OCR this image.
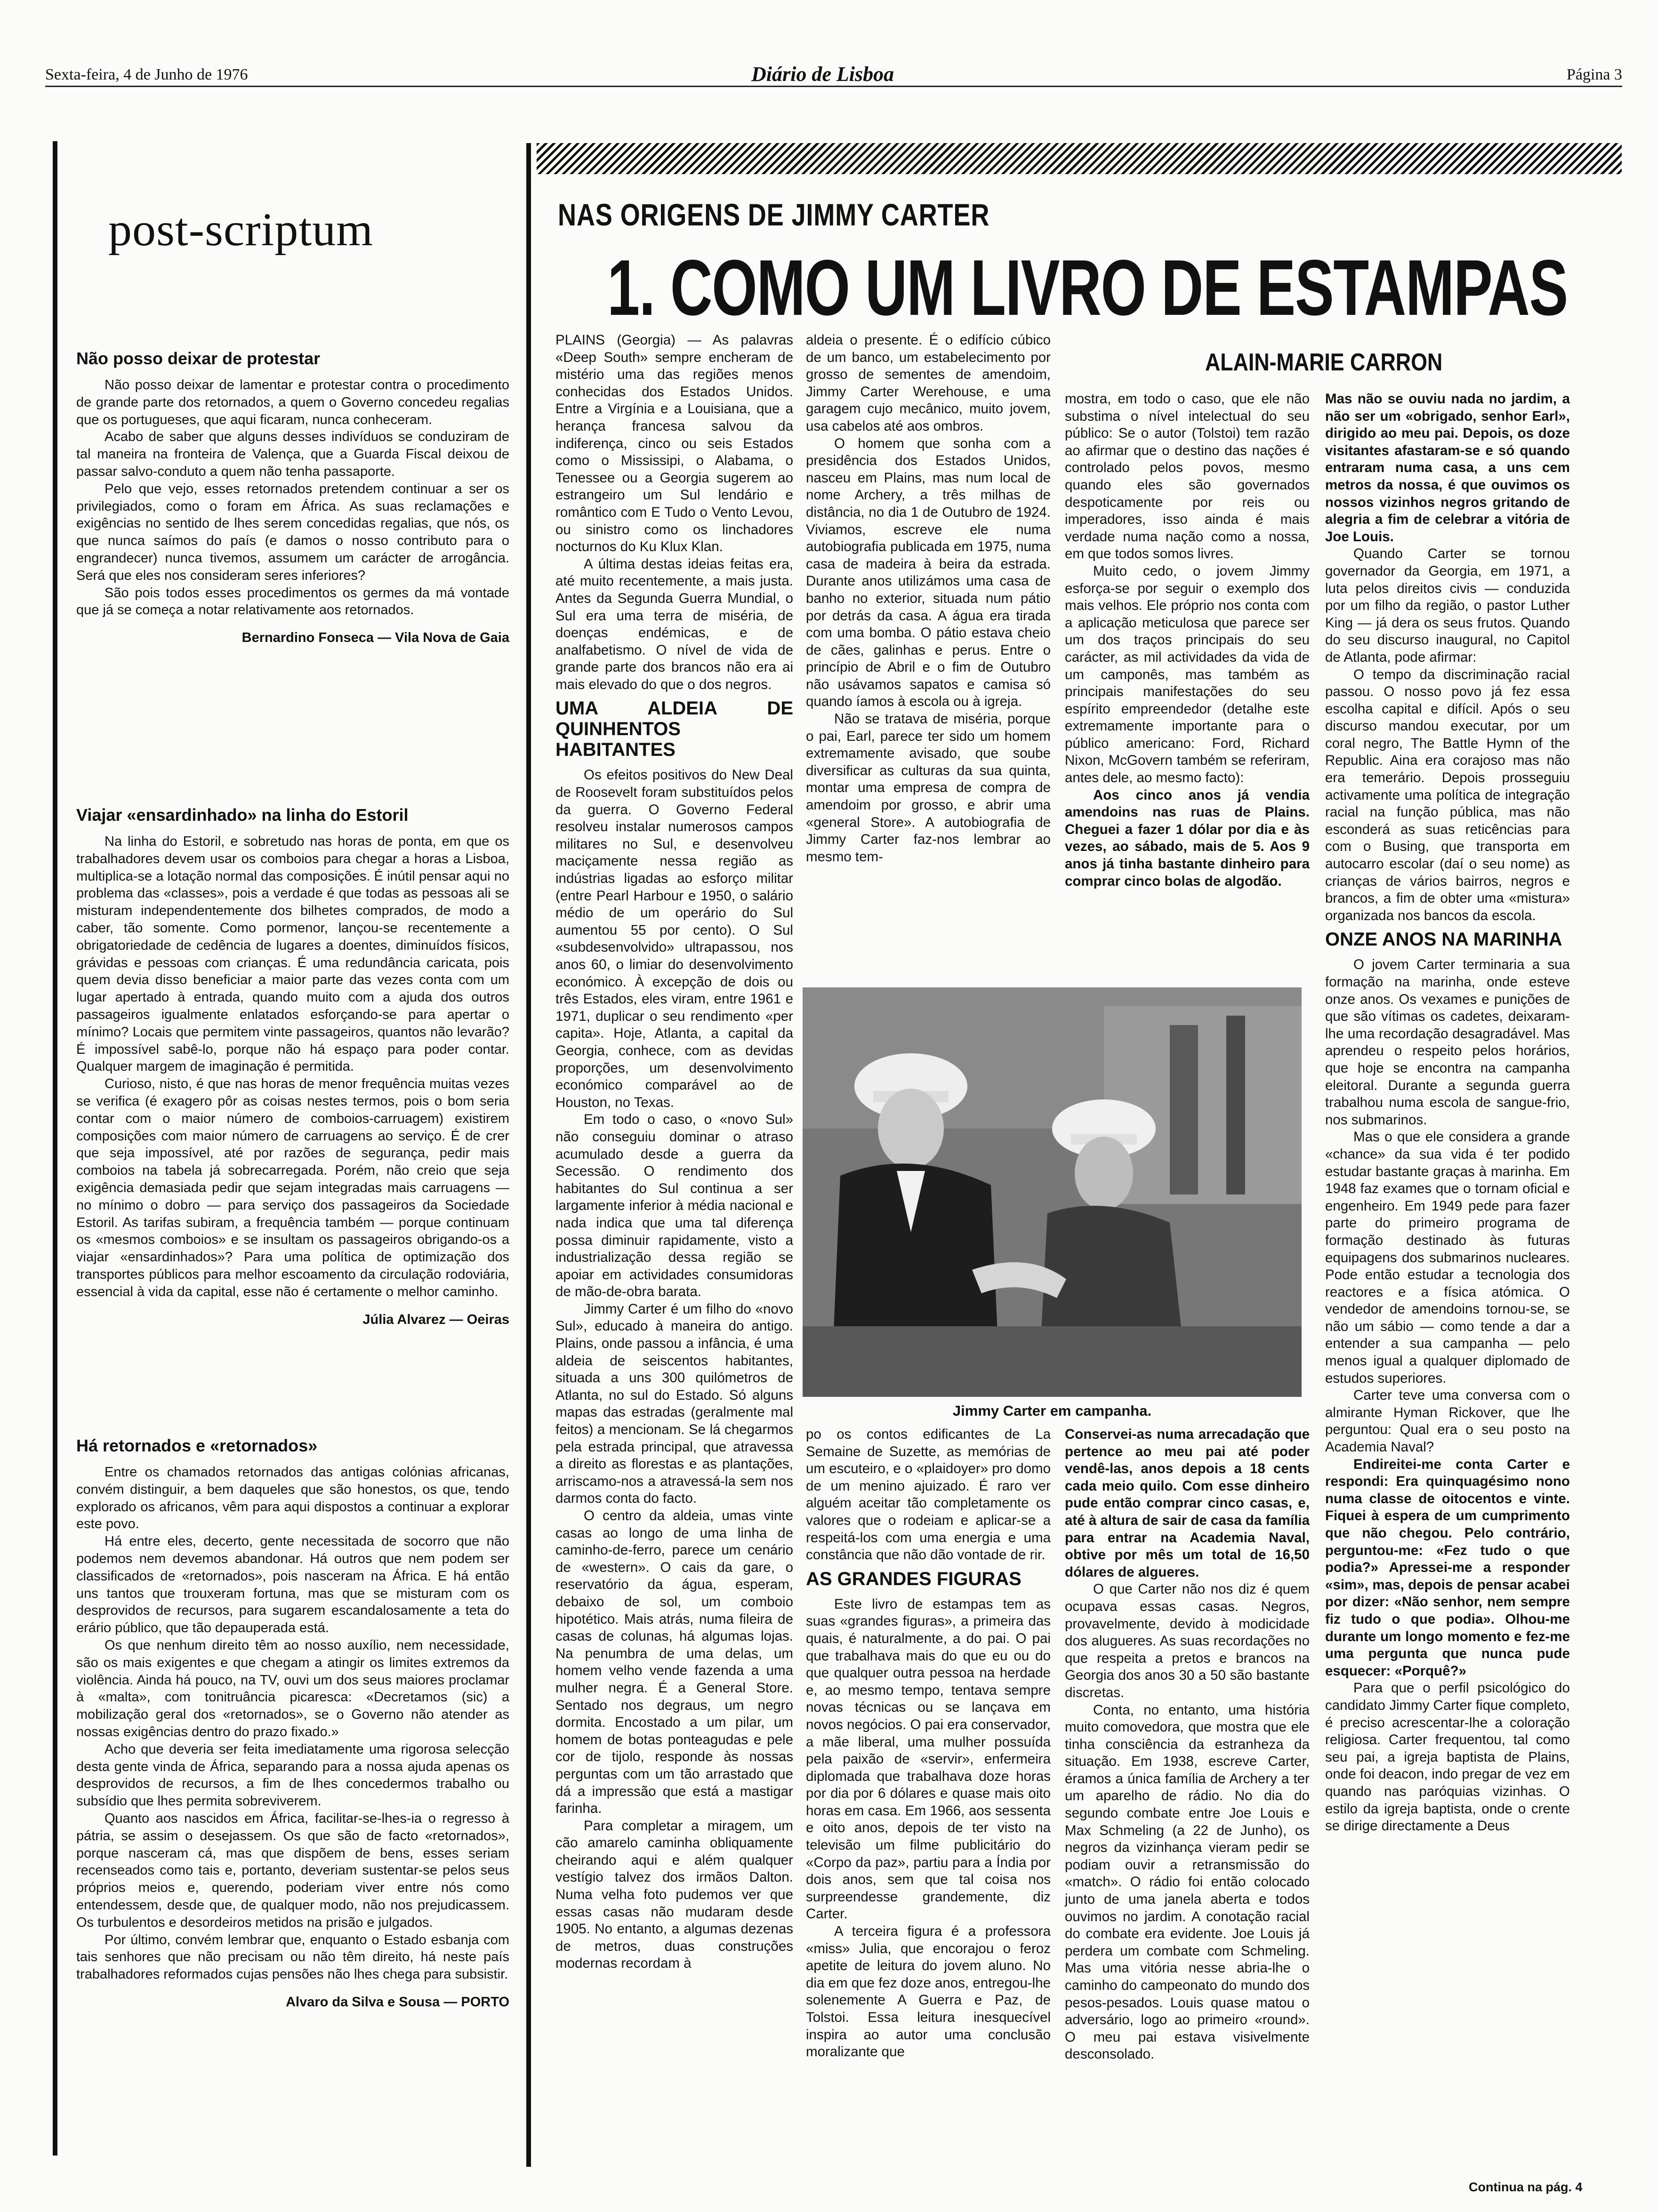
Sexta-feira, 4 de Junho de 1976	Diário de Lisboa	Página 3
post-scriptum
Não posso deixar de protestar

Não posso deixar de lamentar e protestar contra o procedimento de grande parte dos retornados, a quem o Governo concedeu regalias que os portugueses, que aqui ficaram, nunca conheceram.

Acabo de saber que alguns desses indivíduos se conduziram de tal maneira na fronteira de Valença, que a Guarda Fiscal deixou de passar salvo-conduto a quem não tenha passaporte.

Pelo que vejo, esses retornados pretendem continuar a ser os privilegiados, como o foram em África. As suas reclamações e exigências no sentido de lhes serem concedidas regalias, que nós, os que nunca saímos do país (e damos o nosso contributo para o engrandecer) nunca tivemos, assumem um carácter de arrogância. Será que eles nos consideram seres inferiores?

São pois todos esses procedimentos os germes da má vontade que já se começa a notar relativamente aos retornados.

Bernardino Fonseca — Vila Nova de Gaia

Viajar «ensardinhado» na linha do Estoril

Na linha do Estoril, e sobretudo nas horas de ponta, em que os trabalhadores devem usar os comboios para chegar a horas a Lisboa, multiplica-se a lotação normal das composições. É inútil pensar aqui no problema das «classes», pois a verdade é que todas as pessoas ali se misturam independentemente dos bilhetes comprados, de modo a caber, tão somente. Como pormenor, lançou-se recentemente a obrigatoriedade de cedência de lugares a doentes, diminuídos físicos, grávidas e pessoas com crianças. É uma redundância caricata, pois quem devia disso beneficiar a maior parte das vezes conta com um lugar apertado à entrada, quando muito com a ajuda dos outros passageiros igualmente enlatados esforçando-se para apertar o mínimo? Locais que permitem vinte passageiros, quantos não levarão? É impossível sabê-lo, porque não há espaço para poder contar. Qualquer margem de imaginação é permitida.

Curioso, nisto, é que nas horas de menor frequência muitas vezes se verifica (é exagero pôr as coisas nestes termos, pois o bom seria contar com o maior número de comboios-carruagem) existirem composições com maior número de carruagens ao serviço. É de crer que seja impossível, até por razões de segurança, pedir mais comboios na tabela já sobrecarregada. Porém, não creio que seja exigência demasiada pedir que sejam integradas mais carruagens — no mínimo o dobro — para serviço dos passageiros da Sociedade Estoril. As tarifas subiram, a frequência também — porque continuam os «mesmos comboios» e se insultam os passageiros obrigando-os a viajar «ensardinhados»? Para uma política de optimização dos transportes públicos para melhor escoamento da circulação rodoviária, essencial à vida da capital, esse não é certamente o melhor caminho.

Júlia Alvarez — Oeiras

Há retornados e «retornados»

Entre os chamados retornados das antigas colónias africanas, convém distinguir, a bem daqueles que são honestos, os que, tendo explorado os africanos, vêm para aqui dispostos a continuar a explorar este povo.

Há entre eles, decerto, gente necessitada de socorro que não podemos nem devemos abandonar. Há outros que nem podem ser classificados de «retornados», pois nasceram na África. E há então uns tantos que trouxeram fortuna, mas que se misturam com os desprovidos de recursos, para sugarem escandalosamente a teta do erário público, que tão depauperada está.

Os que nenhum direito têm ao nosso auxílio, nem necessidade, são os mais exigentes e que chegam a atingir os limites extremos da violência. Ainda há pouco, na TV, ouvi um dos seus maiores proclamar à «malta», com tonitruância picaresca: «Decretamos (sic) a mobilização geral dos «retornados», se o Governo não atender as nossas exigências dentro do prazo fixado.»

Acho que deveria ser feita imediatamente uma rigorosa selecção desta gente vinda de África, separando para a nossa ajuda apenas os desprovidos de recursos, a fim de lhes concedermos trabalho ou subsídio que lhes permita sobreviverem.

Quanto aos nascidos em África, facilitar-se-lhes-ia o regresso à pátria, se assim o desejassem. Os que são de facto «retornados», porque nasceram cá, mas que dispõem de bens, esses seriam recenseados como tais e, portanto, deveriam sustentar-se pelos seus próprios meios e, querendo, poderiam viver entre nós como entendessem, desde que, de qualquer modo, não nos prejudicassem. Os turbulentos e desordeiros metidos na prisão e julgados.

Por último, convém lembrar que, enquanto o Estado esbanja com tais senhores que não precisam ou não têm direito, há neste país trabalhadores reformados cujas pensões não lhes chega para subsistir.

Alvaro da Silva e Sousa — PORTO

NAS ORIGENS DE JIMMY CARTER
1. COMO UM LIVRO DE ESTAMPAS
ALAIN-MARIE CARRON

PLAINS (Georgia) — As palavras «Deep South» sempre encheram de mistério uma das regiões menos conhecidas dos Estados Unidos. Entre a Virgínia e a Louisiana, que a herança francesa salvou da indiferença, cinco ou seis Estados como o Mississipi, o Alabama, o Tenessee ou a Georgia sugerem ao estrangeiro um Sul lendário e romântico com E Tudo o Vento Levou, ou sinistro como os linchadores nocturnos do Ku Klux Klan.

A última destas ideias feitas era, até muito recentemente, a mais justa. Antes da Segunda Guerra Mundial, o Sul era uma terra de miséria, de doenças endémicas, e de analfabetismo. O nível de vida de grande parte dos brancos não era ai mais elevado do que o dos negros.

UMA ALDEIA DE QUINHENTOS HABITANTES

Os efeitos positivos do New Deal de Roosevelt foram substituídos pelos da guerra. O Governo Federal resolveu instalar numerosos campos militares no Sul, e desenvolveu maciçamente nessa região as indústrias ligadas ao esforço militar (entre Pearl Harbour e 1950, o salário médio de um operário do Sul aumentou 55 por cento). O Sul «subdesenvolvido» ultrapassou, nos anos 60, o limiar do desenvolvimento económico. À excepção de dois ou três Estados, eles viram, entre 1961 e 1971, duplicar o seu rendimento «per capita». Hoje, Atlanta, a capital da Georgia, conhece, com as devidas proporções, um desenvolvimento económico comparável ao de Houston, no Texas.

Em todo o caso, o «novo Sul» não conseguiu dominar o atraso acumulado desde a guerra da Secessão. O rendimento dos habitantes do Sul continua a ser largamente inferior à média nacional e nada indica que uma tal diferença possa diminuir rapidamente, visto a industrialização dessa região se apoiar em actividades consumidoras de mão-de-obra barata.

Jimmy Carter é um filho do «novo Sul», educado à maneira do antigo. Plains, onde passou a infância, é uma aldeia de seiscentos habitantes, situada a uns 300 quilómetros de Atlanta, no sul do Estado. Só alguns mapas das estradas (geralmente mal feitos) a mencionam. Se lá chegarmos pela estrada principal, que atravessa a direito as florestas e as plantações, arriscamo-nos a atravessá-la sem nos darmos conta do facto.

O centro da aldeia, umas vinte casas ao longo de uma linha de caminho-de-ferro, parece um cenário de «western». O cais da gare, o reservatório da água, esperam, debaixo de sol, um comboio hipotético. Mais atrás, numa fileira de casas de colunas, há algumas lojas. Na penumbra de uma delas, um homem velho vende fazenda a uma mulher negra. É a General Store. Sentado nos degraus, um negro dormita. Encostado a um pilar, um homem de botas ponteagudas e pele cor de tijolo, responde às nossas perguntas com um tão arrastado que dá a impressão que está a mastigar farinha.

Para completar a miragem, um cão amarelo caminha obliquamente cheirando aqui e além qualquer vestígio talvez dos irmãos Dalton. Numa velha foto pudemos ver que essas casas não mudaram desde 1905. No entanto, a algumas dezenas de metros, duas construções modernas recordam à

aldeia o presente. É o edifício cúbico de um banco, um estabelecimento por grosso de sementes de amendoim, Jimmy Carter Werehouse, e uma garagem cujo mecânico, muito jovem, usa cabelos até aos ombros.

O homem que sonha com a presidência dos Estados Unidos, nasceu em Plains, mas num local de nome Archery, a três milhas de distância, no dia 1 de Outubro de 1924. Viviamos, escreve ele numa autobiografia publicada em 1975, numa casa de madeira à beira da estrada. Durante anos utilizámos uma casa de banho no exterior, situada num pátio por detrás da casa. A água era tirada com uma bomba. O pátio estava cheio de cães, galinhas e perus. Entre o princípio de Abril e o fim de Outubro não usávamos sapatos e camisa só quando íamos à escola ou à igreja.

Não se tratava de miséria, porque o pai, Earl, parece ter sido um homem extremamente avisado, que soube diversificar as culturas da sua quinta, montar uma empresa de compra de amendoim por grosso, e abrir uma «general Store». A autobiografia de Jimmy Carter faz-nos lembrar ao mesmo tem-

mostra, em todo o caso, que ele não substima o nível intelectual do seu público: Se o autor (Tolstoi) tem razão ao afirmar que o destino das nações é controlado pelos povos, mesmo quando eles são governados despoticamente por reis ou imperadores, isso ainda é mais verdade numa nação como a nossa, em que todos somos livres.

Muito cedo, o jovem Jimmy esforça-se por seguir o exemplo dos mais velhos. Ele próprio nos conta com a aplicação meticulosa que parece ser um dos traços principais do seu carácter, as mil actividades da vida de um camponês, mas também as principais manifestações do seu espírito empreendedor (detalhe este extremamente importante para o público americano: Ford, Richard Nixon, McGovern também se referiram, antes dele, ao mesmo facto):

Aos cinco anos já vendia amendoins nas ruas de Plains. Cheguei a fazer 1 dólar por dia e às vezes, ao sábado, mais de 5. Aos 9 anos já tinha bastante dinheiro para comprar cinco bolas de algodão.

Jimmy Carter em campanha.

po os contos edificantes de La Semaine de Suzette, as memórias de um escuteiro, e o «plaidoyer» pro domo de um menino ajuizado. É raro ver alguém aceitar tão completamente os valores que o rodeiam e aplicar-se a respeitá-los com uma energia e uma constância que não dão vontade de rir.

AS GRANDES FIGURAS

Este livro de estampas tem as suas «grandes figuras», a primeira das quais, é naturalmente, a do pai. O pai que trabalhava mais do que eu ou do que qualquer outra pessoa na herdade e, ao mesmo tempo, tentava sempre novas técnicas ou se lançava em novos negócios. O pai era conservador, a mãe liberal, uma mulher possuída pela paixão de «servir», enfermeira diplomada que trabalhava doze horas por dia por 6 dólares e quase mais oito horas em casa. Em 1966, aos sessenta e oito anos, depois de ter visto na televisão um filme publicitário do «Corpo da paz», partiu para a Índia por dois anos, sem que tal coisa nos surpreendesse grandemente, diz Carter.

A terceira figura é a professora «miss» Julia, que encorajou o feroz apetite de leitura do jovem aluno. No dia em que fez doze anos, entregou-lhe solenemente A Guerra e Paz, de Tolstoi. Essa leitura inesquecível inspira ao autor uma conclusão moralizante que

Conservei-as numa arrecadação que pertence ao meu pai até poder vendê-las, anos depois a 18 cents cada meio quilo. Com esse dinheiro pude então comprar cinco casas, e, até à altura de sair de casa da família para entrar na Academia Naval, obtive por mês um total de 16,50 dólares de algueres.

O que Carter não nos diz é quem ocupava essas casas. Negros, provavelmente, devido à modicidade dos alugueres. As suas recordações no que respeita a pretos e brancos na Georgia dos anos 30 a 50 são bastante discretas.

Conta, no entanto, uma história muito comovedora, que mostra que ele tinha consciência da estranheza da situação. Em 1938, escreve Carter, éramos a única família de Archery a ter um aparelho de rádio. No dia do segundo combate entre Joe Louis e Max Schmeling (a 22 de Junho), os negros da vizinhança vieram pedir se podiam ouvir a retransmissão do «match». O rádio foi então colocado junto de uma janela aberta e todos ouvimos no jardim. A conotação racial do combate era evidente. Joe Louis já perdera um combate com Schmeling. Mas uma vitória nesse abria-lhe o caminho do campeonato do mundo dos pesos-pesados. Louis quase matou o adversário, logo ao primeiro «round». O meu pai estava visivelmente desconsolado.

Mas não se ouviu nada no jardim, a não ser um «obrigado, senhor Earl», dirigido ao meu pai. Depois, os doze visitantes afastaram-se e só quando entraram numa casa, a uns cem metros da nossa, é que ouvimos os nossos vizinhos negros gritando de alegria a fim de celebrar a vitória de Joe Louis.

Quando Carter se tornou governador da Georgia, em 1971, a luta pelos direitos civis — conduzida por um filho da região, o pastor Luther King — já dera os seus frutos. Quando do seu discurso inaugural, no Capitol de Atlanta, pode afirmar:

O tempo da discriminação racial passou. O nosso povo já fez essa escolha capital e difícil. Após o seu discurso mandou executar, por um coral negro, The Battle Hymn of the Republic. Aina era corajoso mas não era temerário. Depois prosseguiu activamente uma política de integração racial na função pública, mas não esconderá as suas reticências para com o Busing, que transporta em autocarro escolar (daí o seu nome) as crianças de vários bairros, negros e brancos, a fim de obter uma «mistura» organizada nos bancos da escola.

ONZE ANOS NA MARINHA

O jovem Carter terminaria a sua formação na marinha, onde esteve onze anos. Os vexames e punições de que são vítimas os cadetes, deixaram-lhe uma recordação desagradável. Mas aprendeu o respeito pelos horários, que hoje se encontra na campanha eleitoral. Durante a segunda guerra trabalhou numa escola de sangue-frio, nos submarinos.

Mas o que ele considera a grande «chance» da sua vida é ter podido estudar bastante graças à marinha. Em 1948 faz exames que o tornam oficial e engenheiro. Em 1949 pede para fazer parte do primeiro programa de formação destinado às futuras equipagens dos submarinos nucleares. Pode então estudar a tecnologia dos reactores e a física atómica. O vendedor de amendoins tornou-se, se não um sábio — como tende a dar a entender a sua campanha — pelo menos igual a qualquer diplomado de estudos superiores.

Carter teve uma conversa com o almirante Hyman Rickover, que lhe perguntou: Qual era o seu posto na Academia Naval?

Endireitei-me conta Carter e respondi: Era quinquagésimo nono numa classe de oitocentos e vinte. Fiquei à espera de um cumprimento que não chegou. Pelo contrário, perguntou-me: «Fez tudo o que podia?» Apressei-me a responder «sim», mas, depois de pensar acabei por dizer: «Não senhor, nem sempre fiz tudo o que podia». Olhou-me durante um longo momento e fez-me uma pergunta que nunca pude esquecer: «Porquê?»

Para que o perfil psicológico do candidato Jimmy Carter fique completo, é preciso acrescentar-lhe a coloração religiosa. Carter frequentou, tal como seu pai, a igreja baptista de Plains, onde foi deacon, indo pregar de vez em quando nas paróquias vizinhas. O estilo da igreja baptista, onde o crente se dirige directamente a Deus

Continua na pág. 4
